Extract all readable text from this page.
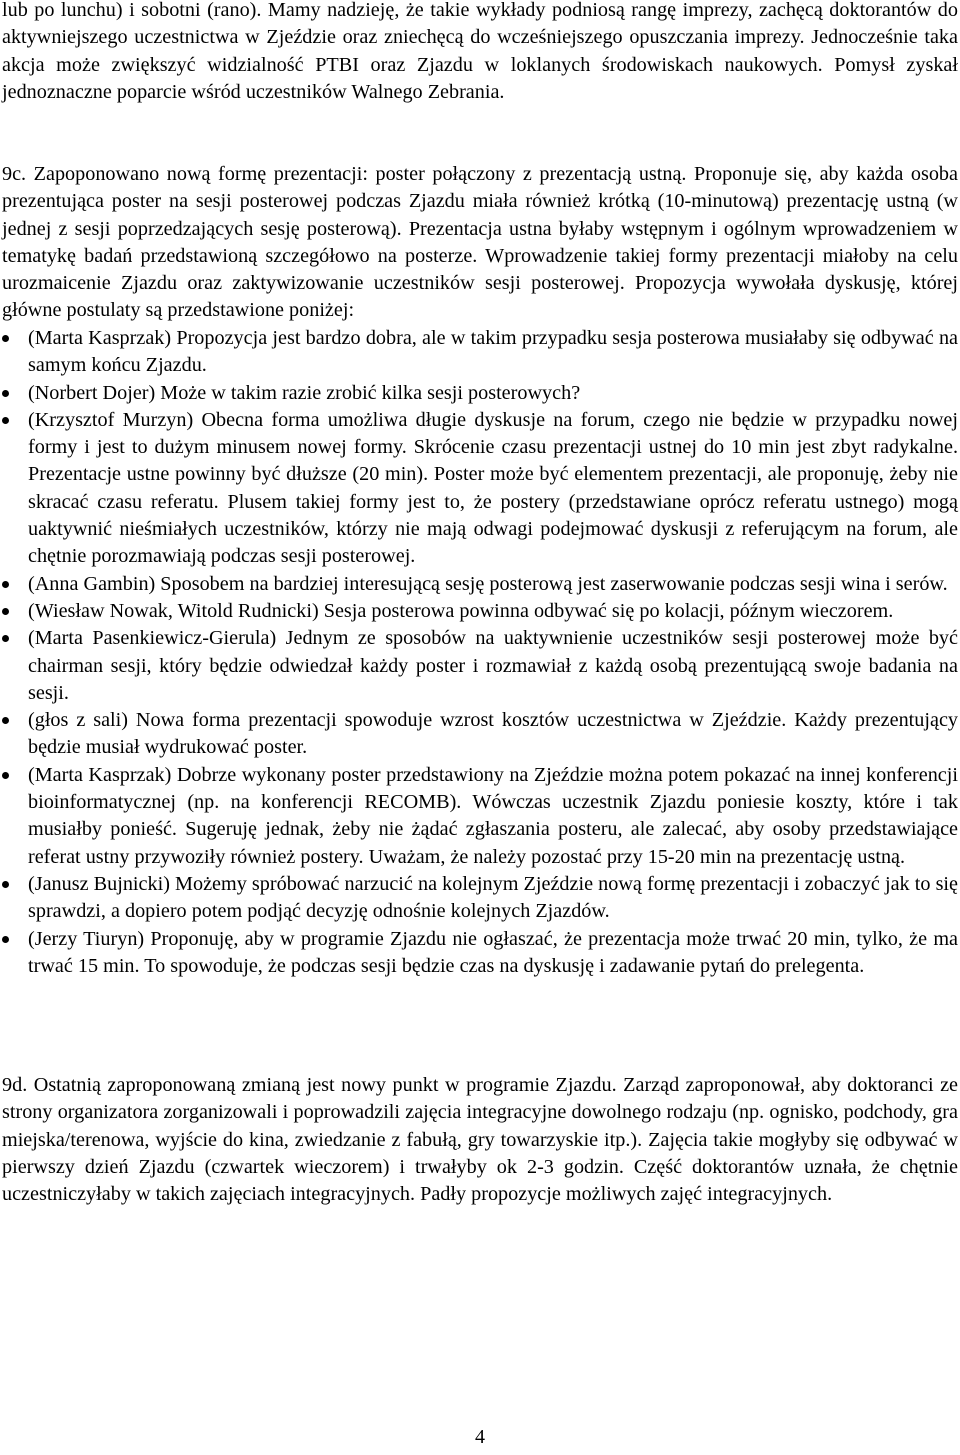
lub po lunchu) i sobotni (rano). Mamy nadzieję, że takie wykłady podniosą rangę imprezy, zachęcą doktorantów do aktywniejszego uczestnictwa w Zjeździe oraz zniechęcą do wcześniejszego opuszczania imprezy. Jednocześnie taka akcja może zwiększyć widzialność PTBI oraz Zjazdu w loklanych środowiskach naukowych. Pomysł zyskał jednoznaczne poparcie wśród uczestników Walnego Zebrania.

9c. Zapoponowano nową formę prezentacji: poster połączony z prezentacją ustną. Proponuje się, aby każda osoba prezentująca poster na sesji posterowej podczas Zjazdu miała również krótką (10-minutową) prezentację ustną (w jednej z sesji poprzedzających sesję posterową). Prezentacja ustna byłaby wstępnym i ogólnym wprowadzeniem w tematykę badań przedstawioną szczegółowo na posterze. Wprowadzenie takiej formy prezentacji miałoby na celu urozmaicenie Zjazdu oraz zaktywizowanie uczestników sesji posterowej. Propozycja wywołała dyskusję, której główne postulaty są przedstawione poniżej:

(Marta Kasprzak) Propozycja jest bardzo dobra, ale w takim przypadku sesja posterowa musiałaby się odbywać na samym końcu Zjazdu.
(Norbert Dojer) Może w takim razie zrobić kilka sesji posterowych?
(Krzysztof Murzyn) Obecna forma umożliwa długie dyskusje na forum, czego nie będzie w przypadku nowej formy i jest to dużym minusem nowej formy. Skrócenie czasu prezentacji ustnej do 10 min jest zbyt radykalne. Prezentacje ustne powinny być dłuższe (20 min). Poster może być elementem prezentacji, ale proponuję, żeby nie skracać czasu referatu. Plusem takiej formy jest to, że postery (przedstawiane oprócz referatu ustnego) mogą uaktywnić nieśmiałych uczestników, którzy nie mają odwagi podejmować dyskusji z referującym na forum, ale chętnie porozmawiają podczas sesji posterowej.
(Anna Gambin) Sposobem na bardziej interesującą sesję posterową jest zaserwowanie podczas sesji wina i serów.
(Wiesław Nowak, Witold Rudnicki) Sesja posterowa powinna odbywać się po kolacji, późnym wieczorem.
(Marta Pasenkiewicz-Gierula) Jednym ze sposobów na uaktywnienie uczestników sesji posterowej może być chairman sesji, który będzie odwiedzał każdy poster i rozmawiał z każdą osobą prezentującą swoje badania na sesji.
(głos z sali) Nowa forma prezentacji spowoduje wzrost kosztów uczestnictwa w Zjeździe. Każdy prezentujący będzie musiał wydrukować poster.
(Marta Kasprzak) Dobrze wykonany poster przedstawiony na Zjeździe można potem pokazać na innej konferencji bioinformatycznej (np. na konferencji RECOMB). Wówczas uczestnik Zjazdu poniesie koszty, które i tak musiałby ponieść. Sugeruję jednak, żeby nie żądać zgłaszania posteru, ale zalecać, aby osoby przedstawiające referat ustny przywoziły również postery. Uważam, że należy pozostać przy 15-20 min na prezentację ustną.
(Janusz Bujnicki) Możemy spróbować narzucić na kolejnym Zjeździe nową formę prezentacji i zobaczyć jak to się sprawdzi, a dopiero potem podjąć decyzję odnośnie kolejnych Zjazdów.
(Jerzy Tiuryn) Proponuję, aby w programie Zjazdu nie ogłaszać, że prezentacja może trwać 20 min, tylko, że ma trwać 15 min. To spowoduje, że podczas sesji będzie czas na dyskusję i zadawanie pytań do prelegenta.

9d. Ostatnią zaproponowaną zmianą jest nowy punkt w programie Zjazdu. Zarząd zaproponował, aby doktoranci ze strony organizatora zorganizowali i poprowadzili zajęcia integracyjne dowolnego rodzaju (np. ognisko, podchody, gra miejska/terenowa, wyjście do kina, zwiedzanie z fabułą, gry towarzyskie itp.). Zajęcia takie mogłyby się odbywać w pierwszy dzień Zjazdu (czwartek wieczorem) i trwałyby ok 2-3 godzin. Część doktorantów uznała, że chętnie uczestniczyłaby w takich zajęciach integracyjnych. Padły propozycje możliwych zajęć integracyjnych.

4
